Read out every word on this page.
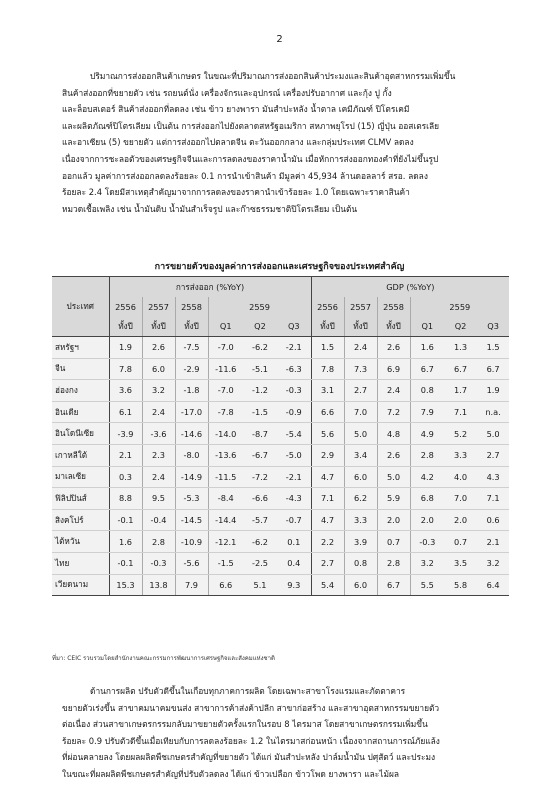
2

ปริมาณการส่งออกสินค้าเกษตร ในขณะที่ปริมาณการส่งออกสินค้าประมงและสินค้าอุตสาหกรรมเพิ่มขึ้น

สินค้าส่งออกที่ขยายตัว เช่น รถยนต์นั่ง เครื่องจักรและอุปกรณ์ เครื่องปรับอากาศ และกุ้ง ปู กั้ง

และล็อบสเตอร์ สินค้าส่งออกที่ลดลง เช่น ข้าว ยางพารา มันสำปะหลัง น้ำตาล เคมีภัณฑ์ ปิโตรเคมี

และผลิตภัณฑ์ปิโตรเลียม เป็นต้น การส่งออกไปยังตลาดสหรัฐอเมริกา สหภาพยุโรป (15) ญี่ปุ่น ออสเตรเลีย

และอาเซียน (5) ขยายตัว แต่การส่งออกไปตลาดจีน ตะวันออกกลาง และกลุ่มประเทศ CLMV ลดลง

เนื่องจากการชะลอตัวของเศรษฐกิจจีนและการลดลงของราคาน้ำมัน เมื่อหักการส่งออกทองคำที่ยังไม่ขึ้นรูป

ออกแล้ว มูลค่าการส่งออกลดลงร้อยละ 0.1 การนำเข้าสินค้า มีมูลค่า 45,934 ล้านดอลลาร์ สรอ. ลดลง

ร้อยละ 2.4 โดยมีสาเหตุสำคัญมาจากการลดลงของราคานำเข้าร้อยละ 1.0 โดยเฉพาะราคาสินค้า

หมวดเชื้อเพลิง เช่น น้ำมันดิบ น้ำมันสำเร็จรูป และก๊าซธรรมชาติปิโตรเลียม เป็นต้น

การขยายตัวของมูลค่าการส่งออกและเศรษฐกิจของประเทศสำคัญ
ประเทศ	การส่งออก (%YoY)						GDP (%YoY)					
	2556	2557	2558	2559			2556	2557	2558	2559		
	ทั้งปี	ทั้งปี	ทั้งปี	Q1	Q2	Q3	ทั้งปี	ทั้งปี	ทั้งปี	Q1	Q2	Q3
สหรัฐฯ	1.9	2.6	-7.5	-7.0	-6.2	-2.1	1.5	2.4	2.6	1.6	1.3	1.5
จีน	7.8	6.0	-2.9	-11.6	-5.1	-6.3	7.8	7.3	6.9	6.7	6.7	6.7
ฮ่องกง	3.6	3.2	-1.8	-7.0	-1.2	-0.3	3.1	2.7	2.4	0.8	1.7	1.9
อินเดีย	6.1	2.4	-17.0	-7.8	-1.5	-0.9	6.6	7.0	7.2	7.9	7.1	n.a.
อินโดนีเซีย	-3.9	-3.6	-14.6	-14.0	-8.7	-5.4	5.6	5.0	4.8	4.9	5.2	5.0
เกาหลีใต้	2.1	2.3	-8.0	-13.6	-6.7	-5.0	2.9	3.4	2.6	2.8	3.3	2.7
มาเลเซีย	0.3	2.4	-14.9	-11.5	-7.2	-2.1	4.7	6.0	5.0	4.2	4.0	4.3
ฟิลิปปินส์	8.8	9.5	-5.3	-8.4	-6.6	-4.3	7.1	6.2	5.9	6.8	7.0	7.1
สิงคโปร์	-0.1	-0.4	-14.5	-14.4	-5.7	-0.7	4.7	3.3	2.0	2.0	2.0	0.6
ไต้หวัน	1.6	2.8	-10.9	-12.1	-6.2	0.1	2.2	3.9	0.7	-0.3	0.7	2.1
ไทย	-0.1	-0.3	-5.6	-1.5	-2.5	0.4	2.7	0.8	2.8	3.2	3.5	3.2
เวียดนาม	15.3	13.8	7.9	6.6	5.1	9.3	5.4	6.0	6.7	5.5	5.8	6.4
ที่มา: CEIC รวบรวมโดยสำนักงานคณะกรรมการพัฒนาการเศรษฐกิจและสังคมแห่งชาติ

ด้านการผลิต ปรับตัวดีขึ้นในเกือบทุกภาคการผลิต โดยเฉพาะสาขาโรงแรมและภัตตาคาร

ขยายตัวเร่งขึ้น สาขาคมนาคมขนส่ง สาขาการค้าส่งค้าปลีก สาขาก่อสร้าง และสาขาอุตสาหกรรมขยายตัว

ต่อเนื่อง ส่วนสาขาเกษตรกรรมกลับมาขยายตัวครั้งแรกในรอบ 8 ไตรมาส โดยสาขาเกษตรกรรมเพิ่มขึ้น

ร้อยละ 0.9 ปรับตัวดีขึ้นเมื่อเทียบกับการลดลงร้อยละ 1.2 ในไตรมาสก่อนหน้า เนื่องจากสถานการณ์ภัยแล้ง

ที่ผ่อนคลายลง โดยผลผลิตพืชเกษตรสำคัญที่ขยายตัว ได้แก่ มันสำปะหลัง ปาล์มน้ำมัน ปศุสัตว์ และประมง

ในขณะที่ผลผลิตพืชเกษตรสำคัญที่ปรับตัวลดลง ได้แก่ ข้าวเปลือก ข้าวโพด ยางพารา และไม้ผล
